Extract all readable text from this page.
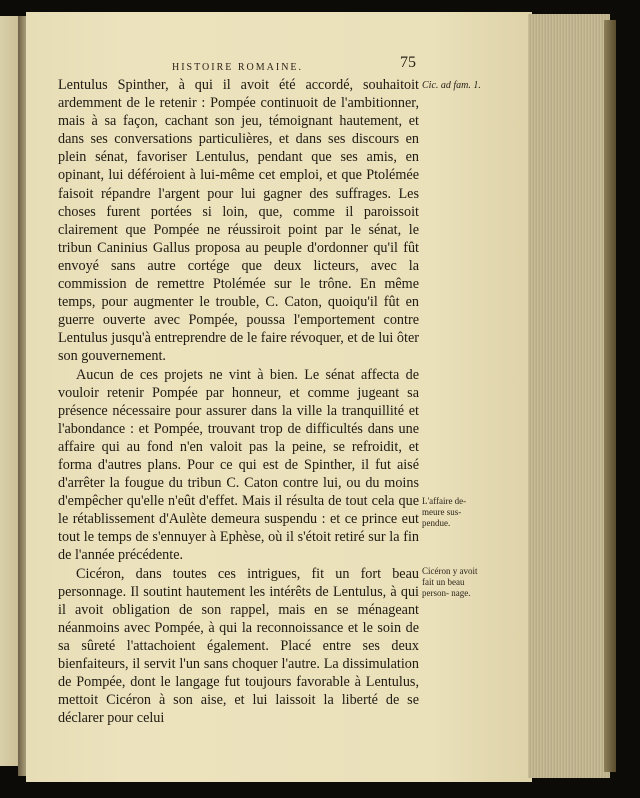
HISTOIRE ROMAINE.	75

Lentulus Spinther, à qui il avoit été accordé, souhaitoit ardemment de le retenir : Pompée continuoit de l'ambitionner, mais à sa façon, cachant son jeu, témoignant hautement, et dans ses conversations particulières, et dans ses discours en plein sénat, favoriser Lentulus, pendant que ses amis, en opinant, lui déféroient à lui-même cet emploi, et que Ptolémée faisoit répandre l'argent pour lui gagner des suffrages. Les choses furent portées si loin, que, comme il paroissoit clairement que Pompée ne réussiroit point par le sénat, le tribun Caninius Gallus proposa au peuple d'ordonner qu'il fût envoyé sans autre cortége que deux licteurs, avec la commission de remettre Ptolémée sur le trône. En même temps, pour augmenter le trouble, C. Caton, quoiqu'il fût en guerre ouverte avec Pompée, poussa l'emportement contre Lentulus jusqu'à entreprendre de le faire révoquer, et de lui ôter son gouvernement.

Aucun de ces projets ne vint à bien. Le sénat affecta de vouloir retenir Pompée par honneur, et comme jugeant sa présence nécessaire pour assurer dans la ville la tranquillité et l'abondance : et Pompée, trouvant trop de difficultés dans une affaire qui au fond n'en valoit pas la peine, se refroidit, et forma d'autres plans. Pour ce qui est de Spinther, il fut aisé d'arrêter la fougue du tribun C. Caton contre lui, ou du moins d'empêcher qu'elle n'eût d'effet. Mais il résulta de tout cela que le rétablissement d'Aulète demeura suspendu : et ce prince eut tout le temps de s'ennuyer à Ephèse, où il s'étoit retiré sur la fin de l'année précédente.

Cicéron, dans toutes ces intrigues, fit un fort beau personnage. Il soutint hautement les intérêts de Lentulus, à qui il avoit obligation de son rappel, mais en se ménageant néanmoins avec Pompée, à qui la reconnoissance et le soin de sa sûreté l'attachoient également. Placé entre ses deux bienfaiteurs, il servit l'un sans choquer l'autre. La dissimulation de Pompée, dont le langage fut toujours favorable à Lentulus, mettoit Cicéron à son aise, et lui laissoit la liberté de se déclarer pour celui

Cic. ad fam. 1.
L'affaire de- meure sus- pendue.
Cicéron y avoit fait un beau person- nage.
